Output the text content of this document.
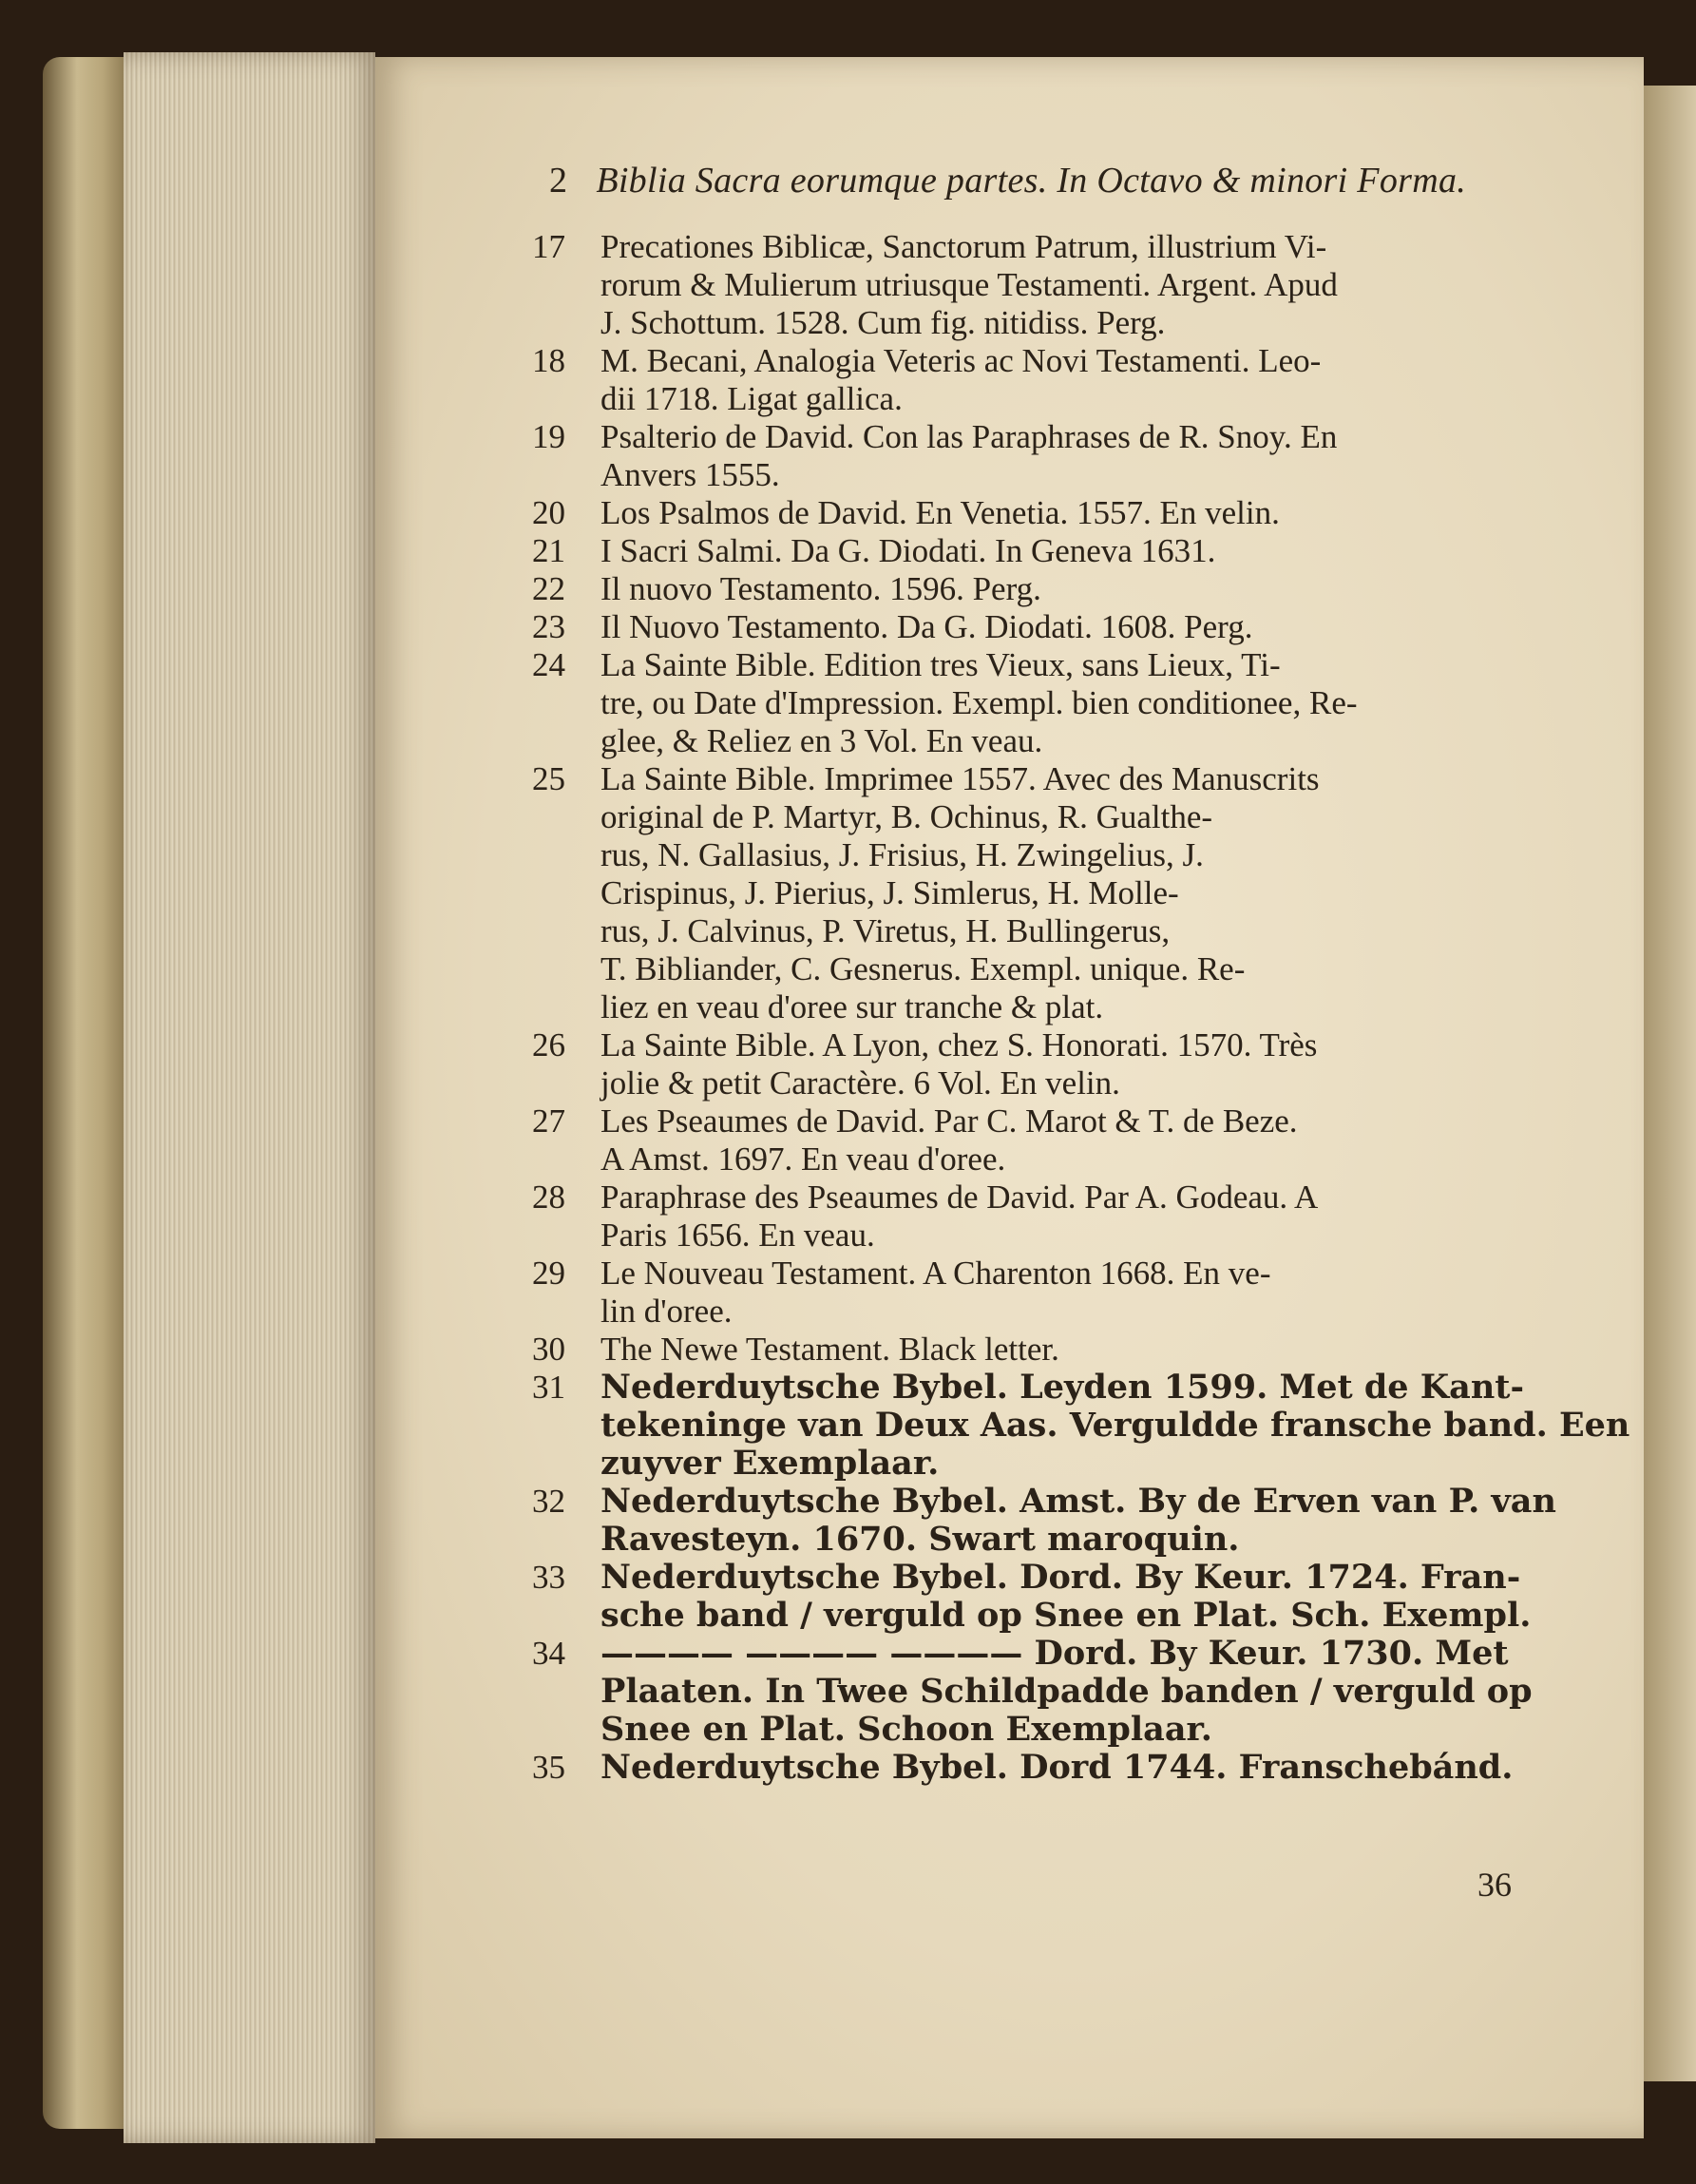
2 Biblia Sacra eorumque partes. In Octavo & minori Forma.
17	Precationes Biblicæ, Sanctorum Patrum, illustrium Vi-
rorum & Mulierum utriusque Testamenti. Argent. Apud
J. Schottum. 1528. Cum fig. nitidiss. Perg.
18	M. Becani, Analogia Veteris ac Novi Testamenti. Leo-
dii 1718. Ligat gallica.
19	Psalterio de David. Con las Paraphrases de R. Snoy. En
Anvers 1555.
20	Los Psalmos de David. En Venetia. 1557. En velin.
21	I Sacri Salmi. Da G. Diodati. In Geneva 1631.
22	Il nuovo Testamento. 1596. Perg.
23	Il Nuovo Testamento. Da G. Diodati. 1608. Perg.
24	La Sainte Bible. Edition tres Vieux, sans Lieux, Ti-
tre, ou Date d'Impression. Exempl. bien conditionee, Re-
glee, & Reliez en 3 Vol. En veau.
25	La Sainte Bible. Imprimee 1557. Avec des Manuscrits
original de P. Martyr, B. Ochinus, R. Gualthe-
rus, N. Gallasius, J. Frisius, H. Zwingelius, J.
Crispinus, J. Pierius, J. Simlerus, H. Molle-
rus, J. Calvinus, P. Viretus, H. Bullingerus,
T. Bibliander, C. Gesnerus. Exempl. unique. Re-
liez en veau d'oree sur tranche & plat.
26	La Sainte Bible. A Lyon, chez S. Honorati. 1570. Très
jolie & petit Caractère. 6 Vol. En velin.
27	Les Pseaumes de David. Par C. Marot & T. de Beze.
A Amst. 1697. En veau d'oree.
28	Paraphrase des Pseaumes de David. Par A. Godeau. A
Paris 1656. En veau.
29	Le Nouveau Testament. A Charenton 1668. En ve-
lin d'oree.
30	The Newe Testament. Black letter.
31	Nederduytsche Bybel. Leyden 1599. Met de Kant-
tekeninge van Deux Aas. Verguldde fransche band. Een
zuyver Exemplaar.
32	Nederduytsche Bybel. Amst. By de Erven van P. van
Ravesteyn. 1670. Swart maroquin.
33	Nederduytsche Bybel. Dord. By Keur. 1724. Fran-
sche band / verguld op Snee en Plat. Sch. Exempl.
34	———— ———— ———— Dord. By Keur. 1730. Met
Plaaten. In Twee Schildpadde banden / verguld op
Snee en Plat. Schoon Exemplaar.
35	Nederduytsche Bybel. Dord 1744. Franschebánd.
36
